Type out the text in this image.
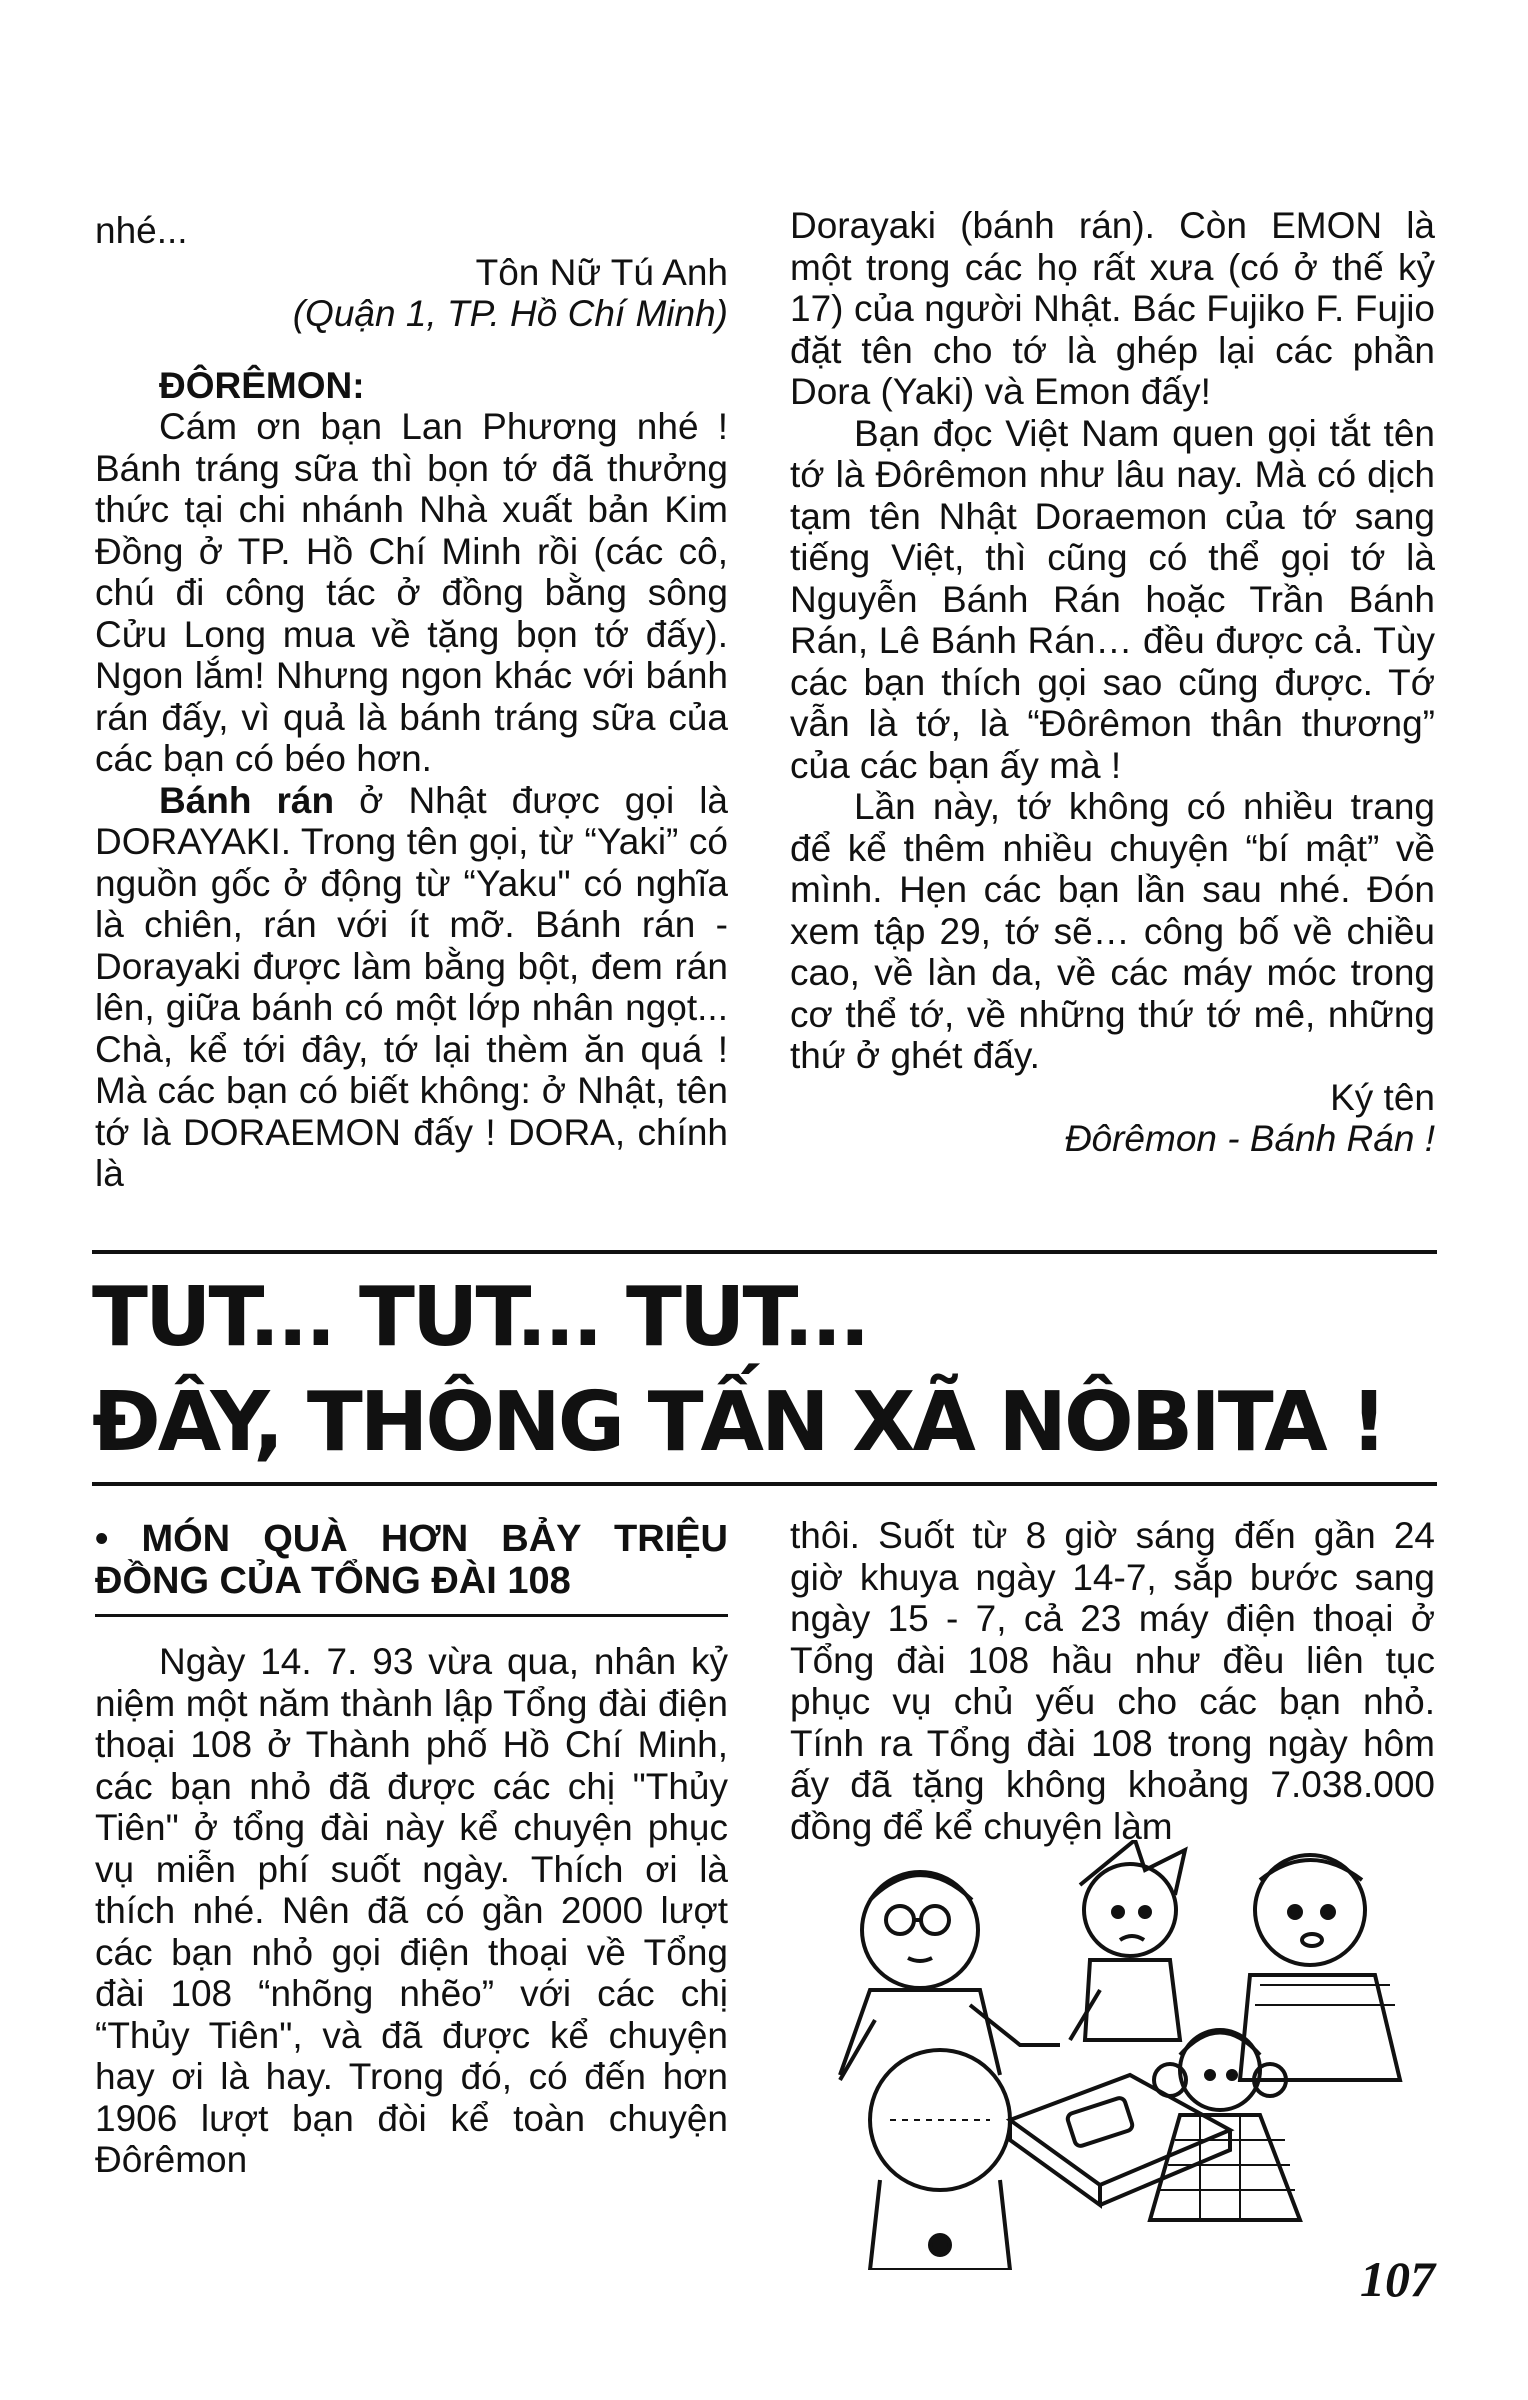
nhé...

Tôn Nữ Tú Anh

(Quận 1, TP. Hồ Chí Minh)

ĐÔRÊMON:

Cám ơn bạn Lan Phương nhé ! Bánh tráng sữa thì bọn tớ đã thưởng thức tại chi nhánh Nhà xuất bản Kim Đồng ở TP. Hồ Chí Minh rồi (các cô, chú đi công tác ở đồng bằng sông Cửu Long mua về tặng bọn tớ đấy). Ngon lắm! Nhưng ngon khác với bánh rán đấy, vì quả là bánh tráng sữa của các bạn có béo hơn.

Bánh rán ở Nhật được gọi là DORAYAKI. Trong tên gọi, từ “Yaki” có nguồn gốc ở động từ “Yaku" có nghĩa là chiên, rán với ít mỡ. Bánh rán - Dorayaki được làm bằng bột, đem rán lên, giữa bánh có một lớp nhân ngọt... Chà, kể tới đây, tớ lại thèm ăn quá ! Mà các bạn có biết không: ở Nhật, tên tớ là DORAEMON đấy ! DORA, chính là

Dorayaki (bánh rán). Còn EMON là một trong các họ rất xưa (có ở thế kỷ 17) của người Nhật. Bác Fujiko F. Fujio đặt tên cho tớ là ghép lại các phần Dora (Yaki) và Emon đấy!

Bạn đọc Việt Nam quen gọi tắt tên tớ là Đôrêmon như lâu nay. Mà có dịch tạm tên Nhật Doraemon của tớ sang tiếng Việt, thì cũng có thể gọi tớ là Nguyễn Bánh Rán hoặc Trần Bánh Rán, Lê Bánh Rán… đều được cả. Tùy các bạn thích gọi sao cũng được. Tớ vẫn là tớ, là “Đôrêmon thân thương” của các bạn ấy mà !

Lần này, tớ không có nhiều trang để kể thêm nhiều chuyện “bí mật” về mình. Hẹn các bạn lần sau nhé. Đón xem tập 29, tớ sẽ… công bố về chiều cao, về làn da, về các máy móc trong cơ thể tớ, về những thứ tớ mê, những thứ ở ghét đấy.

Ký tên

Đôrêmon - Bánh Rán !

TUT... TUT... TUT...
ĐÂY, THÔNG TẤN XÃ NÔBITA !

• MÓN QUÀ HƠN BẢY TRIỆU ĐỒNG CỦA TỔNG ĐÀI 108

Ngày 14. 7. 93 vừa qua, nhân kỷ niệm một năm thành lập Tổng đài điện thoại 108 ở Thành phố Hồ Chí Minh, các bạn nhỏ đã được các chị "Thủy Tiên" ở tổng đài này kể chuyện phục vụ miễn phí suốt ngày. Thích ơi là thích nhé. Nên đã có gần 2000 lượt các bạn nhỏ gọi điện thoại về Tổng đài 108 “nhõng nhẽo” với các chị “Thủy Tiên", và đã được kể chuyện hay ơi là hay. Trong đó, có đến hơn 1906 lượt bạn đòi kể toàn chuyện Đôrêmon

thôi. Suốt từ 8 giờ sáng đến gần 24 giờ khuya ngày 14-7, sắp bước sang ngày 15 - 7, cả 23 máy điện thoại ở Tổng đài 108 hầu như đều liên tục phục vụ chủ yếu cho các bạn nhỏ. Tính ra Tổng đài 108 trong ngày hôm ấy đã tặng không khoảng 7.038.000 đồng để kể chuyện làm

107
